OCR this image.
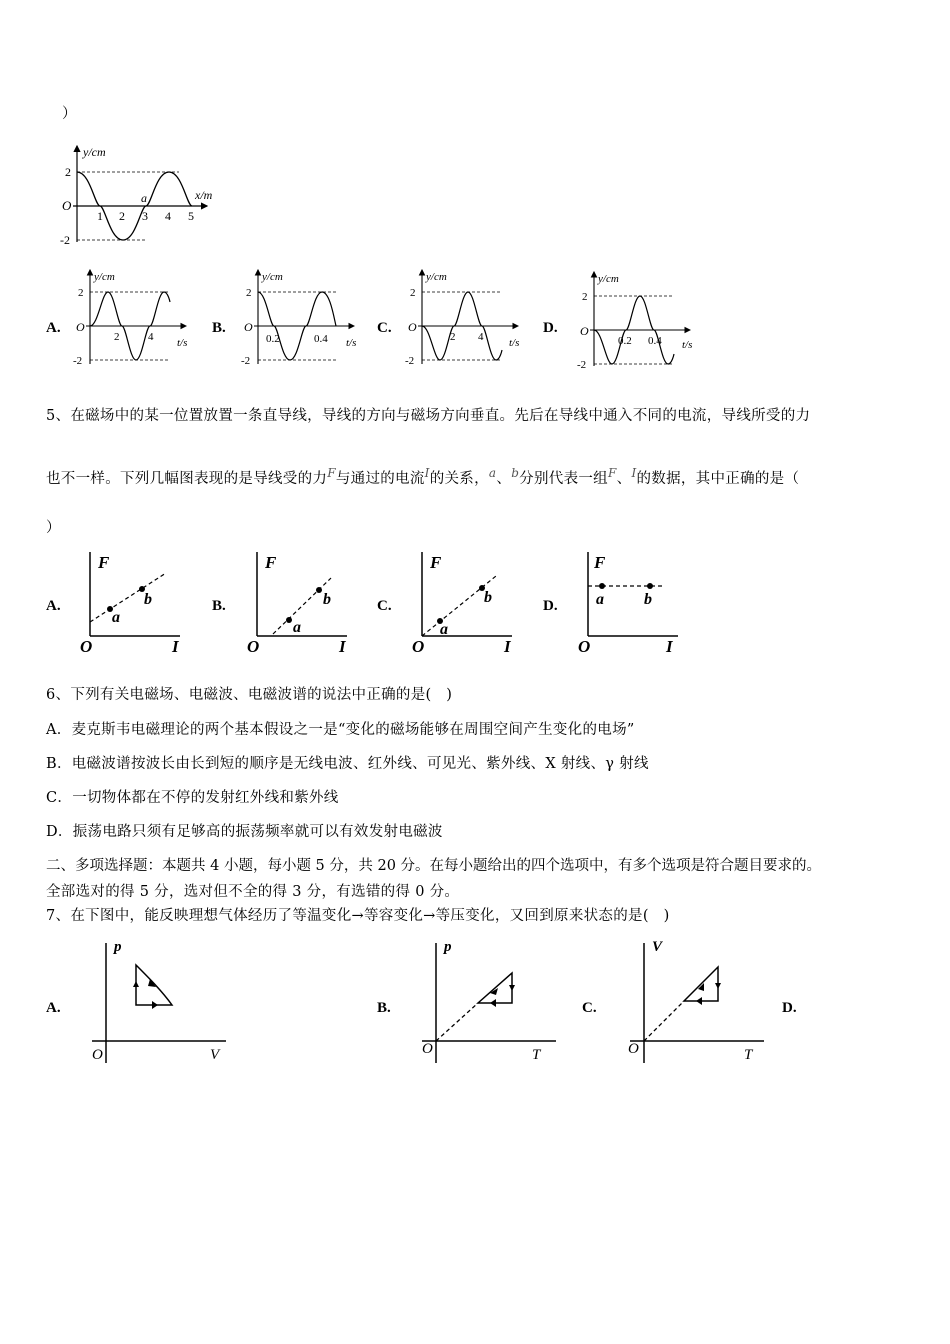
）
y/cm
x/m
O
2
-2
1 2 3 4 5
a
A.
y/cm
t/s
O
2
-2
2	4
B.
y/cm
t/s
O
2
-2
0.2	0.4
C.
y/cm
t/s
O
2
-2
2 4
D.
y/cm
t/s
O
2
-2
0.2 0.4
5、在磁场中的某一位置放置一条直导线，导线的方向与磁场方向垂直。先后在导线中通入不同的电流，导线所受的力
也不一样。下列几幅图表现的是导线受的力$^F$与通过的电流$^I$的关系，$^a$、$^b$分别代表一组$^F$、$^I$的数据，其中正确的是（
）
A.
F
I
O
a
b	B.
F
I
O
a
b	C.
F
I
O
a
b	D.
F
I
O
a	b
6、下列有关电磁场、电磁波、电磁波谱的说法中正确的是(　)
A．麦克斯韦电磁理论的两个基本假设之一是“变化的磁场能够在周围空间产生变化的电场”
B．电磁波谱按波长由长到短的顺序是无线电波、红外线、可见光、紫外线、X 射线、γ 射线
C．一切物体都在不停的发射红外线和紫外线
D．振荡电路只须有足够高的振荡频率就可以有效发射电磁波
二、多项选择题：本题共 4 小题，每小题 5 分，共 20 分。在每小题给出的四个选项中，有多个选项是符合题目要求的。
全部选对的得 5 分，选对但不全的得 3 分，有选错的得 0 分。
7、在下图中，能反映理想气体经历了等温变化→等容变化→等压变化，又回到原来状态的是(　)
A.
p
V
O
B.
p
T
O
C.
V
T
O
D.
